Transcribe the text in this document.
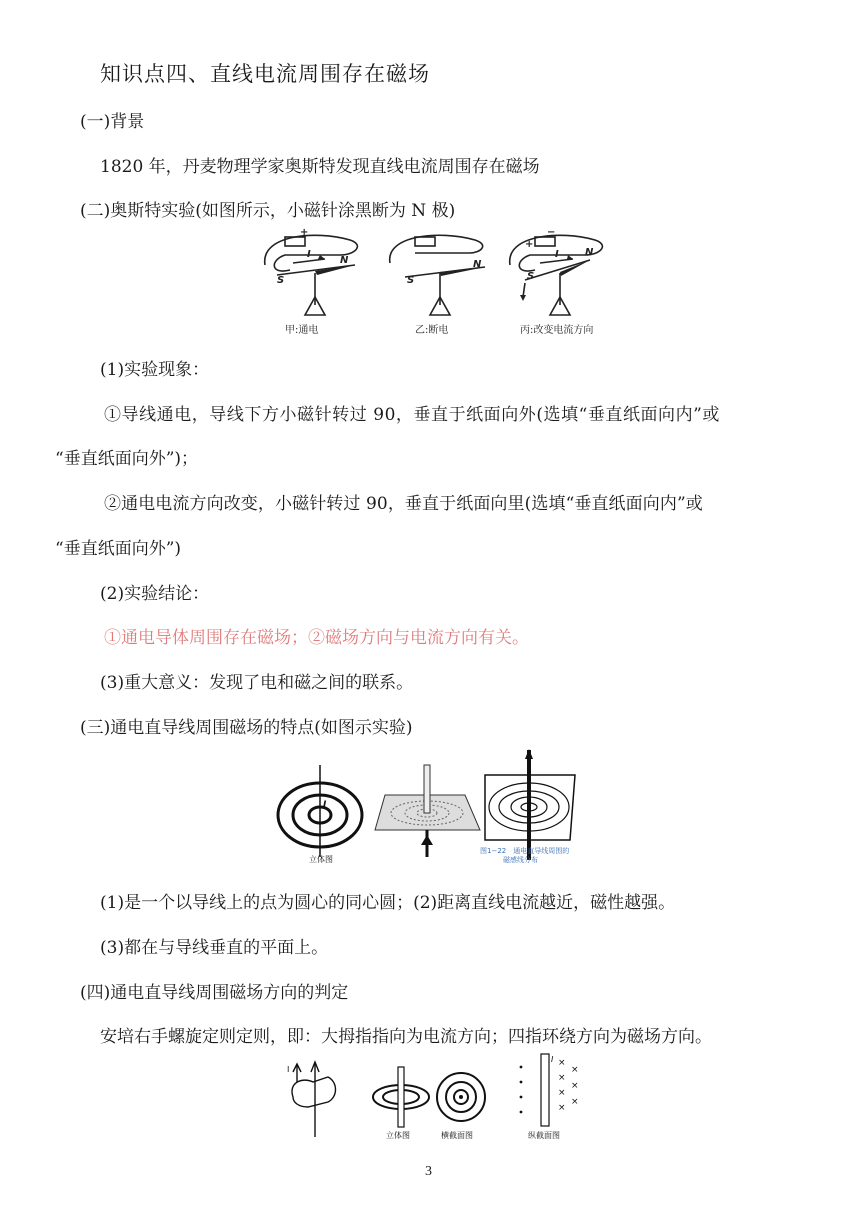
知识点四、直线电流周围存在磁场
(一)背景
1820 年，丹麦物理学家奥斯特发现直线电流周围存在磁场
(二)奥斯特实验(如图所示，小磁针涂黑断为 N 极)
+
I
S
N
S
N
+
−
I
S
N
甲:通电	乙:断电	丙:改变电流方向
(1)实验现象：
①导线通电，导线下方小磁针转过 90，垂直于纸面向外(选填“垂直纸面向内”或
“垂直纸面向外”)；
②通电电流方向改变，小磁针转过 90，垂直于纸面向里(选填“垂直纸面向内”或
“垂直纸面向外”)
(2)实验结论：
①通电导体周围存在磁场；②磁场方向与电流方向有关。
(3)重大意义：发现了电和磁之间的联系。
(三)通电直导线周围磁场的特点(如图示实验)
I
立体图
图1−22　通电直导线周围的
磁感线分布
(1)是一个以导线上的点为圆心的同心圆；(2)距离直线电流越近，磁性越强。
(3)都在与导线垂直的平面上。
(四)通电直导线周围磁场方向的判定
安培右手螺旋定则定则，即：大拇指指向为电流方向；四指环绕方向为磁场方向。
I
立体图	横截面图
I ×
×
×
×
×
×
×
纵截面图
3
